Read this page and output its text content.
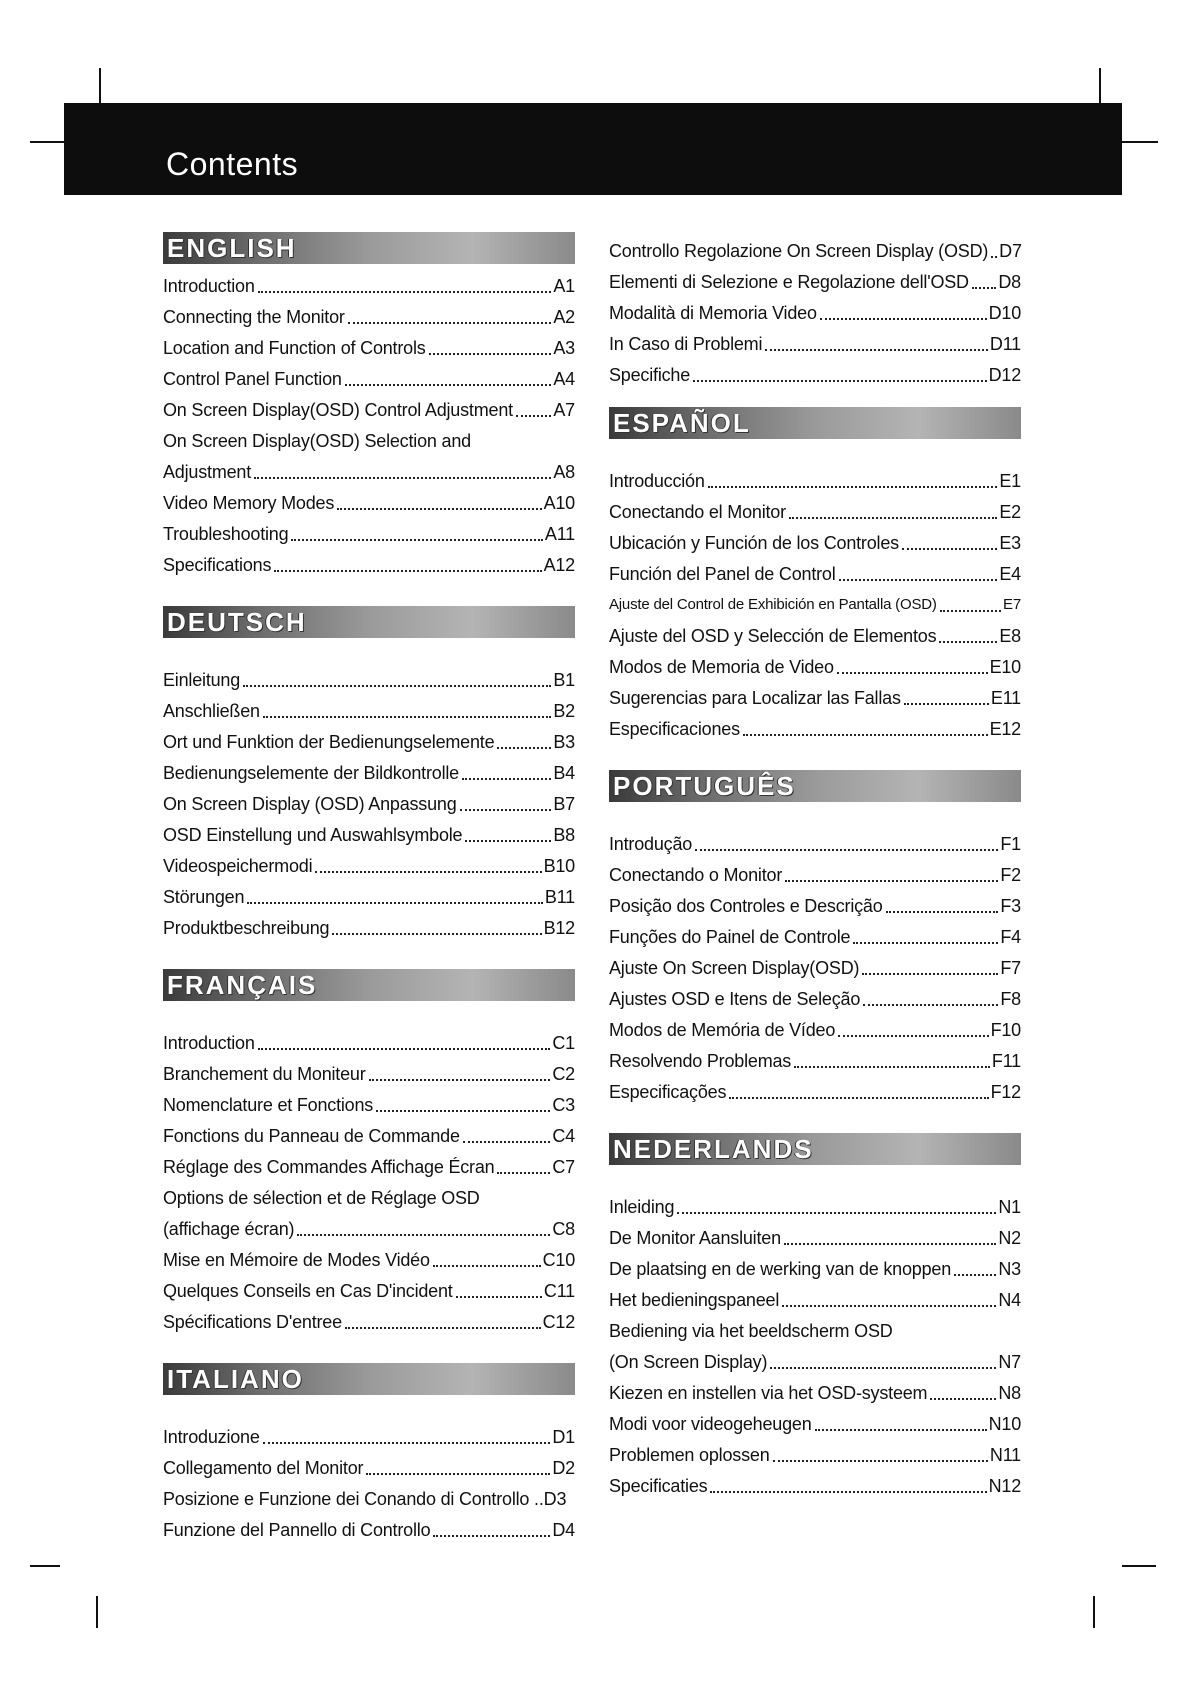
Contents
ENGLISH
Introduction	A1
Connecting the Monitor	A2
Location and Function of Controls	A3
Control Panel Function	A4
On Screen Display(OSD) Control Adjustment A7
On Screen Display(OSD) Selection and
Adjustment	A8
Video Memory Modes	A10
Troubleshooting	A11
Specifications	A12
DEUTSCH
Einleitung	B1
Anschließen	B2
Ort und Funktion der Bedienungselemente	B3
Bedienungselemente der Bildkontrolle	B4
On Screen Display (OSD) Anpassung	B7
OSD Einstellung und Auswahlsymbole	B8
Videospeichermodi	B10
Störungen	B11
Produktbeschreibung	B12
FRANÇAIS
Introduction	C1
Branchement du Moniteur	C2
Nomenclature et Fonctions	C3
Fonctions du Panneau de Commande	C4
Réglage des Commandes Affichage Écran	C7
Options de sélection et de Réglage OSD
(affichage écran)	C8
Mise en Mémoire de Modes Vidéo	C10
Quelques Conseils en Cas D'incident	C11
Spécifications D'entree	C12
ITALIANO
Introduzione	D1
Collegamento del Monitor	D2
Posizione e Funzione dei Conando di Controllo .. D3
Funzione del Pannello di Controllo	D4
Controllo Regolazione On Screen Display (OSD) D7
Elementi di Selezione e Regolazione dell'OSD D8
Modalità di Memoria Video	D10
In Caso di Problemi	D11
Specifiche	D12
ESPAÑOL
Introducción	E1
Conectando el Monitor	E2
Ubicación y Función de los Controles	E3
Función del Panel de Control	E4
Ajuste del Control de Exhibición en Pantalla (OSD)	E7
Ajuste del OSD y Selección de Elementos	E8
Modos de Memoria de Video	E10
Sugerencias para Localizar las Fallas	E11
Especificaciones	E12
PORTUGUÊS
Introdução	F1
Conectando o Monitor	F2
Posição dos Controles e Descrição	F3
Funções do Painel de Controle	F4
Ajuste On Screen Display(OSD)	F7
Ajustes OSD e Itens de Seleção	F8
Modos de Memória de Vídeo	F10
Resolvendo Problemas	F11
Especificações	F12
NEDERLANDS
Inleiding	N1
De Monitor Aansluiten	N2
De plaatsing en de werking van de knoppen	N3
Het bedieningspaneel	N4
Bediening via het beeldscherm OSD
(On Screen Display)	N7
Kiezen en instellen via het OSD-systeem	N8
Modi voor videogeheugen	N10
Problemen oplossen	N11
Specificaties	N12
